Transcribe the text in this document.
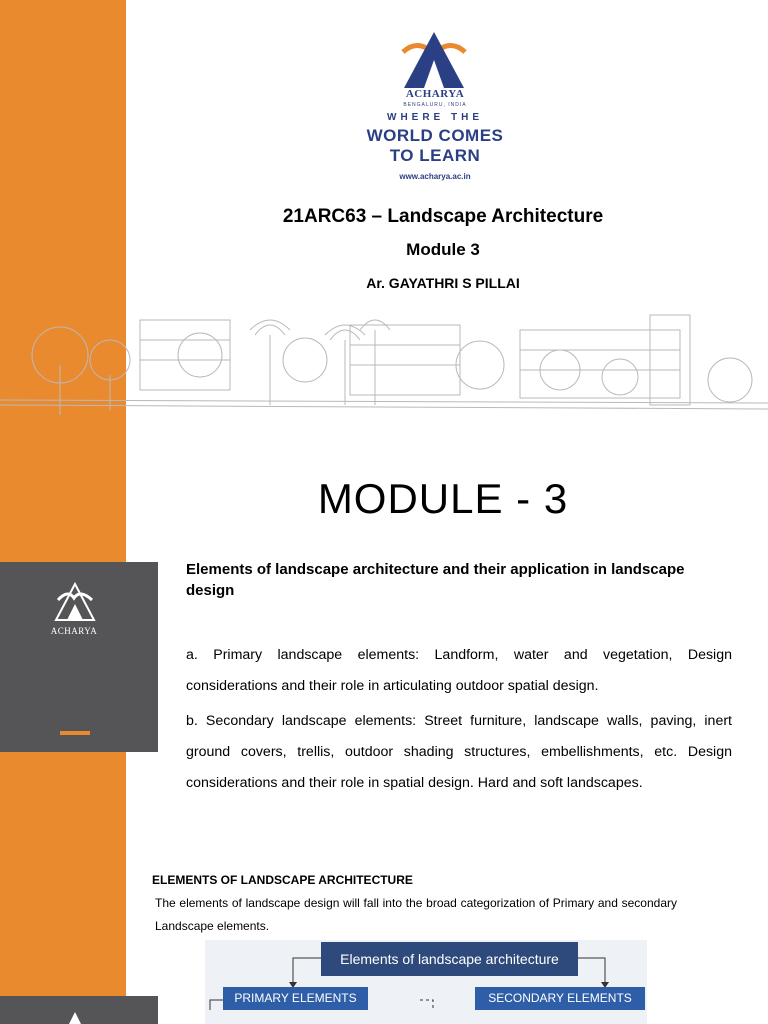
ACHARYA
ACHARYA
BENGALURU, INDIA
WHERE THE
WORLD COMES
TO LEARN
www.acharya.ac.in
21ARC63 – Landscape Architecture
Module 3
Ar. GAYATHRI S PILLAI
MODULE - 3
Elements of landscape architecture and their application in landscape design
a. Primary landscape elements: Landform, water and vegetation, Design considerations and their role in articulating outdoor spatial design.
b. Secondary landscape elements: Street furniture, landscape walls, paving, inert ground covers, trellis, outdoor shading structures, embellishments, etc. Design considerations and their role in spatial design. Hard and soft landscapes.
ELEMENTS OF LANDSCAPE ARCHITECTURE
The elements of landscape design will fall into the broad categorization of Primary and secondary Landscape elements.
Elements of landscape architecture
PRIMARY ELEMENTS	SECONDARY ELEMENTS
